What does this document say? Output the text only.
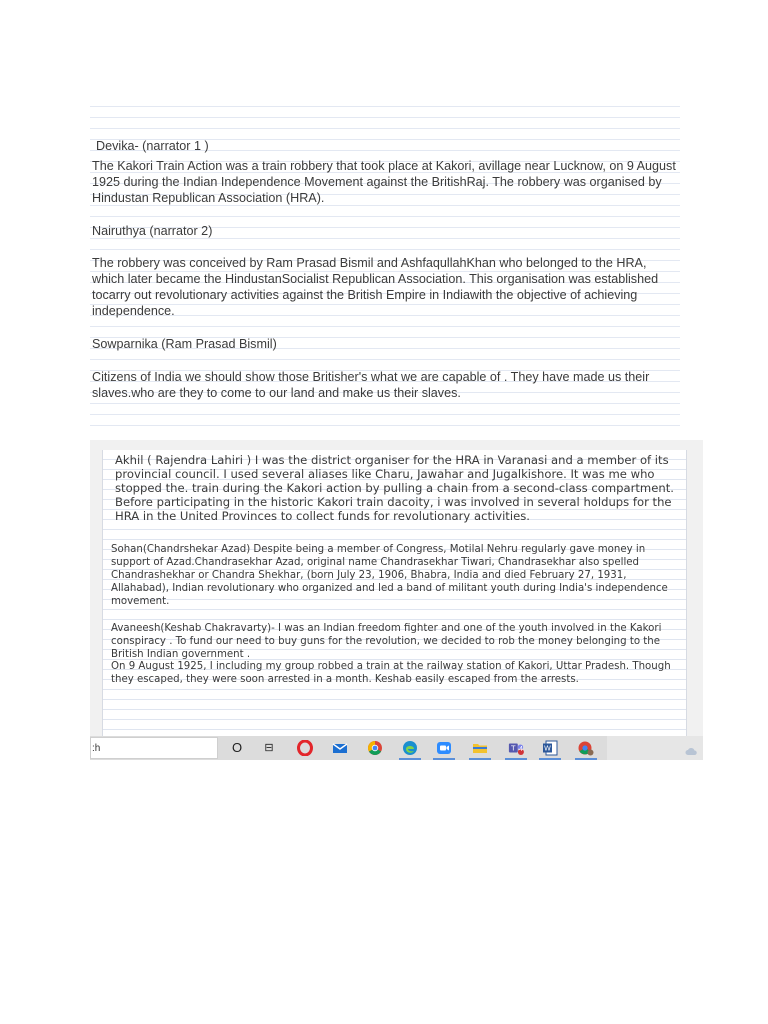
Devika- (narrator 1 )
The Kakori Train Action was a train robbery that took place at Kakori, avillage near Lucknow, on 9 August 1925 during the Indian Independence Movement against the BritishRaj. The robbery was organised by Hindustan Republican Association (HRA).
Nairuthya (narrator 2)
The robbery was conceived by Ram Prasad Bismil and AshfaqullahKhan who belonged to the HRA, which later became the HindustanSocialist Republican Association. This organisation was established tocarry out revolutionary activities against the British Empire in Indiawith the objective of achieving independence.
Sowparnika (Ram Prasad Bismil)
Citizens of India we should show those Britisher's what we are capable of . They have made us their slaves.who are they to come to our land and make us their slaves.
Akhil ( Rajendra Lahiri ) I was the district organiser for the HRA in Varanasi and a member of its provincial council. I used several aliases like Charu, Jawahar and Jugalkishore. It was me who stopped the. train during the Kakori action by pulling a chain from a second-class compartment. Before participating in the historic Kakori train dacoity, i was involved in several holdups for the HRA in the United Provinces to collect funds for revolutionary activities.
Sohan(Chandrshekar Azad) Despite being a member of Congress, Motilal Nehru regularly gave money in support of Azad.Chandrasekhar Azad, original name Chandrasekhar Tiwari, Chandrasekhar also spelled Chandrashekhar or Chandra Shekhar, (born July 23, 1906, Bhabra, India and died February 27, 1931, Allahabad), Indian revolutionary who organized and led a band of militant youth during India's independence movement.
Avaneesh(Keshab Chakravarty)- I was an Indian freedom fighter and one of the youth involved in the Kakori conspiracy . To fund our need to buy guns for the revolution, we decided to rob the money belonging to the British Indian government .
On 9 August 1925, I including my group robbed a train at the railway station of Kakori, Uttar Pradesh. Though they escaped, they were soon arrested in a month. Keshab easily escaped from the arrests.
:h	O	⊟	T 4	W
